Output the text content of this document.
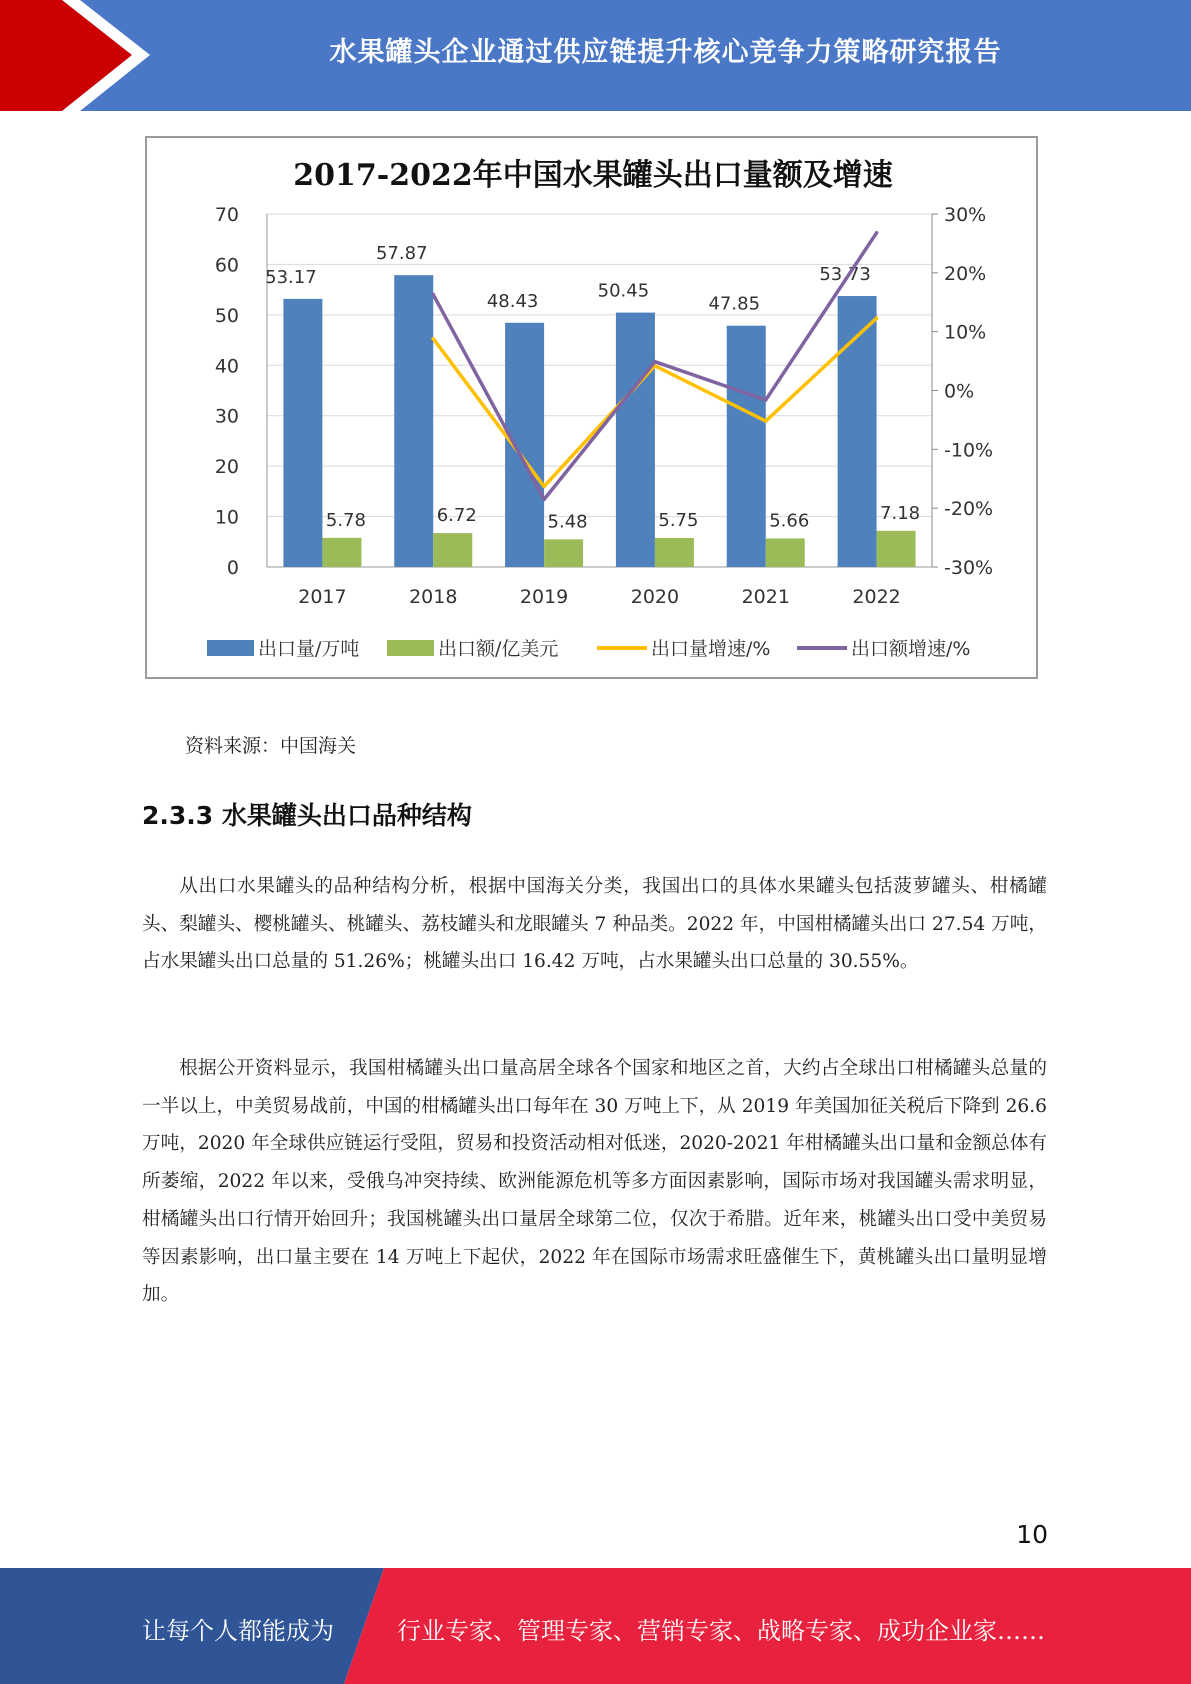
水果罐头企业通过供应链提升核心竞争力策略研究报告
2017-2022年中国水果罐头出口量额及增速
70
60
50
40
30
20
10
0
30%
20%
10%
0%
-10%
-20%
-30%
53.17
57.87
48.43	50.45
47.85
53.73
5.78	6.72	5.48	5.75	5.66	7.18
2017	2018	2019	2020	2021	2022
出口量/万吨	出口额/亿美元	出口量增速/%	出口额增速/%
资料来源：中国海关
2.3.3 水果罐头出口品种结构

从出口水果罐头的品种结构分析，根据中国海关分类，我国出口的具体水果罐头包括菠萝罐头、柑橘罐头、梨罐头、樱桃罐头、桃罐头、荔枝罐头和龙眼罐头 7 种品类。2022 年，中国柑橘罐头出口 27.54 万吨，占水果罐头出口总量的 51.26%；桃罐头出口 16.42 万吨，占水果罐头出口总量的 30.55%。

根据公开资料显示，我国柑橘罐头出口量高居全球各个国家和地区之首，大约占全球出口柑橘罐头总量的一半以上，中美贸易战前，中国的柑橘罐头出口每年在 30 万吨上下，从 2019 年美国加征关税后下降到 26.6 万吨，2020 年全球供应链运行受阻，贸易和投资活动相对低迷，2020-2021 年柑橘罐头出口量和金额总体有所萎缩，2022 年以来，受俄乌冲突持续、欧洲能源危机等多方面因素影响，国际市场对我国罐头需求明显，柑橘罐头出口行情开始回升；我国桃罐头出口量居全球第二位，仅次于希腊。近年来，桃罐头出口受中美贸易等因素影响，出口量主要在 14 万吨上下起伏，2022 年在国际市场需求旺盛催生下，黄桃罐头出口量明显增加。

10
让每个人都能成为	行业专家、管理专家、营销专家、战略专家、成功企业家……
